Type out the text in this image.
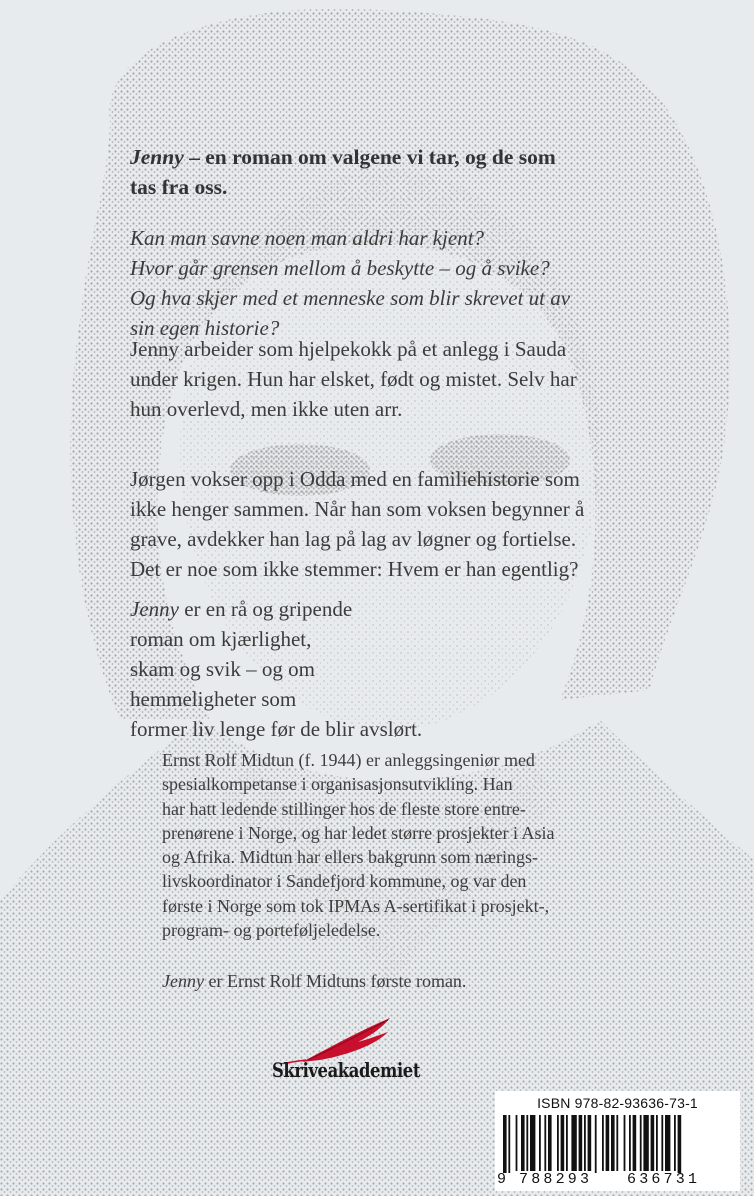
Jenny – en roman om valgene vi tar, og de som
tas fra oss.
Kan man savne noen man aldri har kjent?
Hvor går grensen mellom å beskytte – og å svike?
Og hva skjer med et menneske som blir skrevet ut av
sin egen historie?
Jenny arbeider som hjelpekokk på et anlegg i Sauda
under krigen. Hun har elsket, født og mistet. Selv har
hun overlevd, men ikke uten arr.
Jørgen vokser opp i Odda med en familiehistorie som
ikke henger sammen. Når han som voksen begynner å
grave, avdekker han lag på lag av løgner og fortielse.
Det er noe som ikke stemmer: Hvem er han egentlig?
Jenny er en rå og gripende
roman om kjærlighet,
skam og svik – og om
hemmeligheter som
former liv lenge før de blir avslørt.
Ernst Rolf Midtun (f. 1944) er anleggsingeniør med
spesialkompetanse i organisasjonsutvikling. Han
har hatt ledende stillinger hos de fleste store entre-
prenørene i Norge, og har ledet større prosjekter i Asia
og Afrika. Midtun har ellers bakgrunn som nærings-
livskoordinator i Sandefjord kommune, og var den
første i Norge som tok IPMAs A-sertifikat i prosjekt-,
program- og porteføljeledelse.
Jenny er Ernst Rolf Midtuns første roman.
Skriveakademiet
ISBN 978-82-93636-73-1
9 788293 636731
